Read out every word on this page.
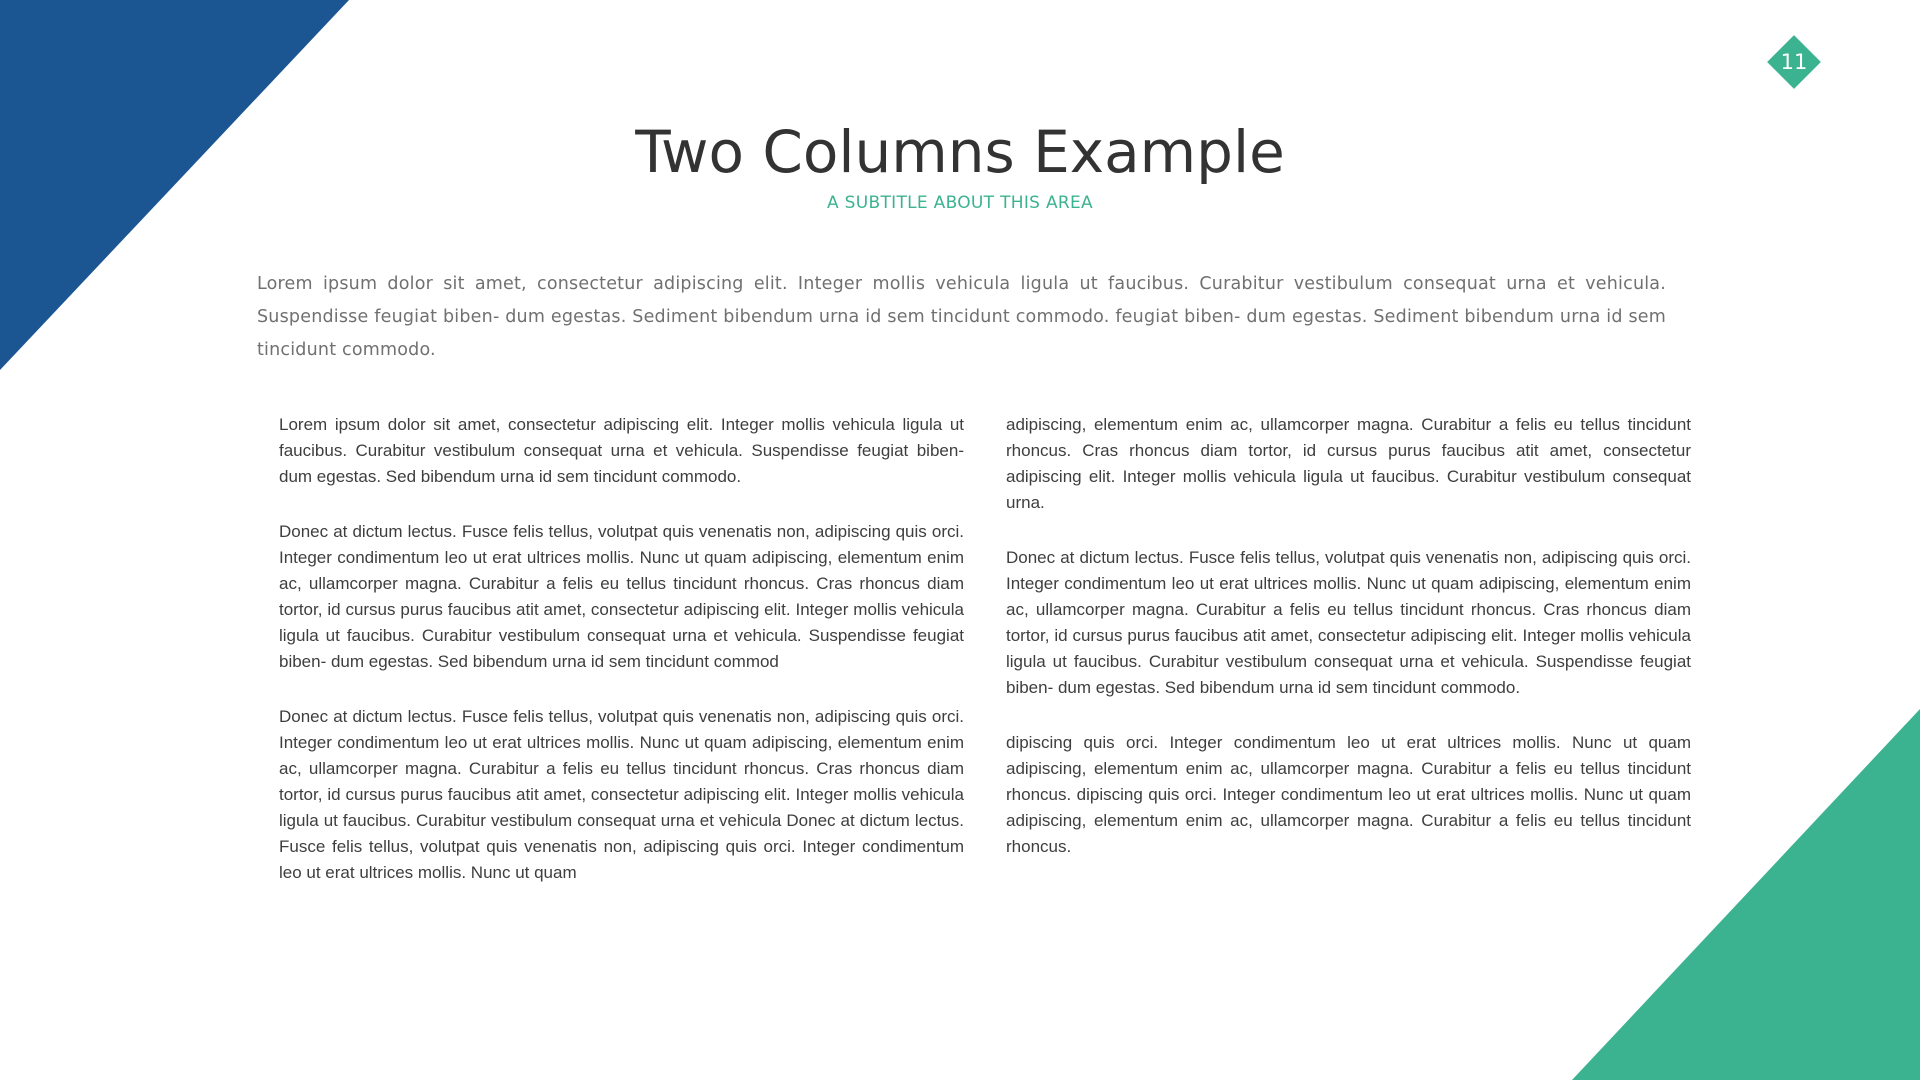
11
Two Columns Example
A SUBTITLE ABOUT THIS AREA

Lorem ipsum dolor sit amet, consectetur adipiscing elit. Integer mollis vehicula ligula ut faucibus. Curabitur vestibulum consequat urna et vehicula. Suspendisse feugiat biben- dum egestas. Sediment bibendum urna id sem tincidunt commodo. feugiat biben- dum egestas. Sediment bibendum urna id sem tincidunt commodo.

Lorem ipsum dolor sit amet, consectetur adipiscing elit. Integer mollis vehicula ligula ut faucibus. Curabitur vestibulum consequat urna et vehicula. Suspendisse feugiat biben- dum egestas. Sed bibendum urna id sem tincidunt commodo.

Donec at dictum lectus. Fusce felis tellus, volutpat quis venenatis non, adipiscing quis orci. Integer condimentum leo ut erat ultrices mollis. Nunc ut quam adipiscing, elementum enim ac, ullamcorper magna. Curabitur a felis eu tellus tincidunt rhoncus. Cras rhoncus diam tortor, id cursus purus faucibus atit amet, consectetur adipiscing elit. Integer mollis vehicula ligula ut faucibus. Curabitur vestibulum consequat urna et vehicula. Suspendisse feugiat biben- dum egestas. Sed bibendum urna id sem tincidunt commod

Donec at dictum lectus. Fusce felis tellus, volutpat quis venenatis non, adipiscing quis orci. Integer condimentum leo ut erat ultrices mollis. Nunc ut quam adipiscing, elementum enim ac, ullamcorper magna. Curabitur a felis eu tellus tincidunt rhoncus. Cras rhoncus diam tortor, id cursus purus faucibus atit amet, consectetur adipiscing elit. Integer mollis vehicula ligula ut faucibus. Curabitur vestibulum consequat urna et vehicula Donec at dictum lectus. Fusce felis tellus, volutpat quis venenatis non, adipiscing quis orci. Integer condimentum leo ut erat ultrices mollis. Nunc ut quam

adipiscing, elementum enim ac, ullamcorper magna. Curabitur a felis eu tellus tincidunt rhoncus. Cras rhoncus diam tortor, id cursus purus faucibus atit amet, consectetur adipiscing elit. Integer mollis vehicula ligula ut faucibus. Curabitur vestibulum consequat urna.

Donec at dictum lectus. Fusce felis tellus, volutpat quis venenatis non, adipiscing quis orci. Integer condimentum leo ut erat ultrices mollis. Nunc ut quam adipiscing, elementum enim ac, ullamcorper magna. Curabitur a felis eu tellus tincidunt rhoncus. Cras rhoncus diam tortor, id cursus purus faucibus atit amet, consectetur adipiscing elit. Integer mollis vehicula ligula ut faucibus. Curabitur vestibulum consequat urna et vehicula. Suspendisse feugiat biben- dum egestas. Sed bibendum urna id sem tincidunt commodo.

dipiscing quis orci. Integer condimentum leo ut erat ultrices mollis. Nunc ut quam adipiscing, elementum enim ac, ullamcorper magna. Curabitur a felis eu tellus tincidunt rhoncus. dipiscing quis orci. Integer condimentum leo ut erat ultrices mollis. Nunc ut quam adipiscing, elementum enim ac, ullamcorper magna. Curabitur a felis eu tellus tincidunt rhoncus.
